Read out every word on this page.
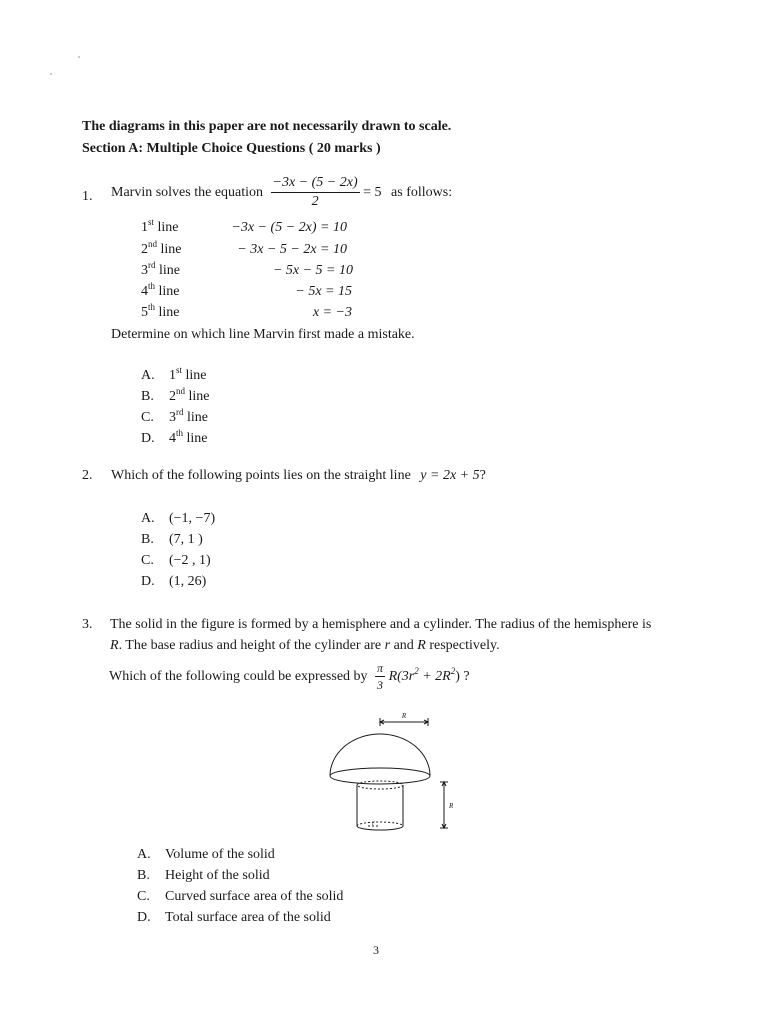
The diagrams in this paper are not necessarily drawn to scale.
Section A: Multiple Choice Questions ( 20 marks )
1. Marvin solves the equation $\frac{-3x - (5 - 2x)}{2} = 5$ as follows:
1st line	−3x − (5 − 2x) = 10
2nd line	− 3x − 5 − 2x = 10
3rd line	− 5x − 5 = 10
4th line	− 5x = 15
5th line	x = −3
Determine on which line Marvin first made a mistake.
A. 1st line
B. 2nd line
C. 3rd line
D. 4th line
2. Which of the following points lies on the straight line y = 2x + 5?
A. (−1, −7)
B. (7, 1 )
C. (−2 , 1)
D. (1, 26)
3. The solid in the figure is formed by a hemisphere and a cylinder. The radius of the hemisphere is
R. The base radius and height of the cylinder are r and R respectively.
Which of the following could be expressed by $\frac{\pi}{3} R(3r^2 + 2R^2)$ ?
R
R
r
A. Volume of the solid
B. Height of the solid
C. Curved surface area of the solid
D. Total surface area of the solid
3
